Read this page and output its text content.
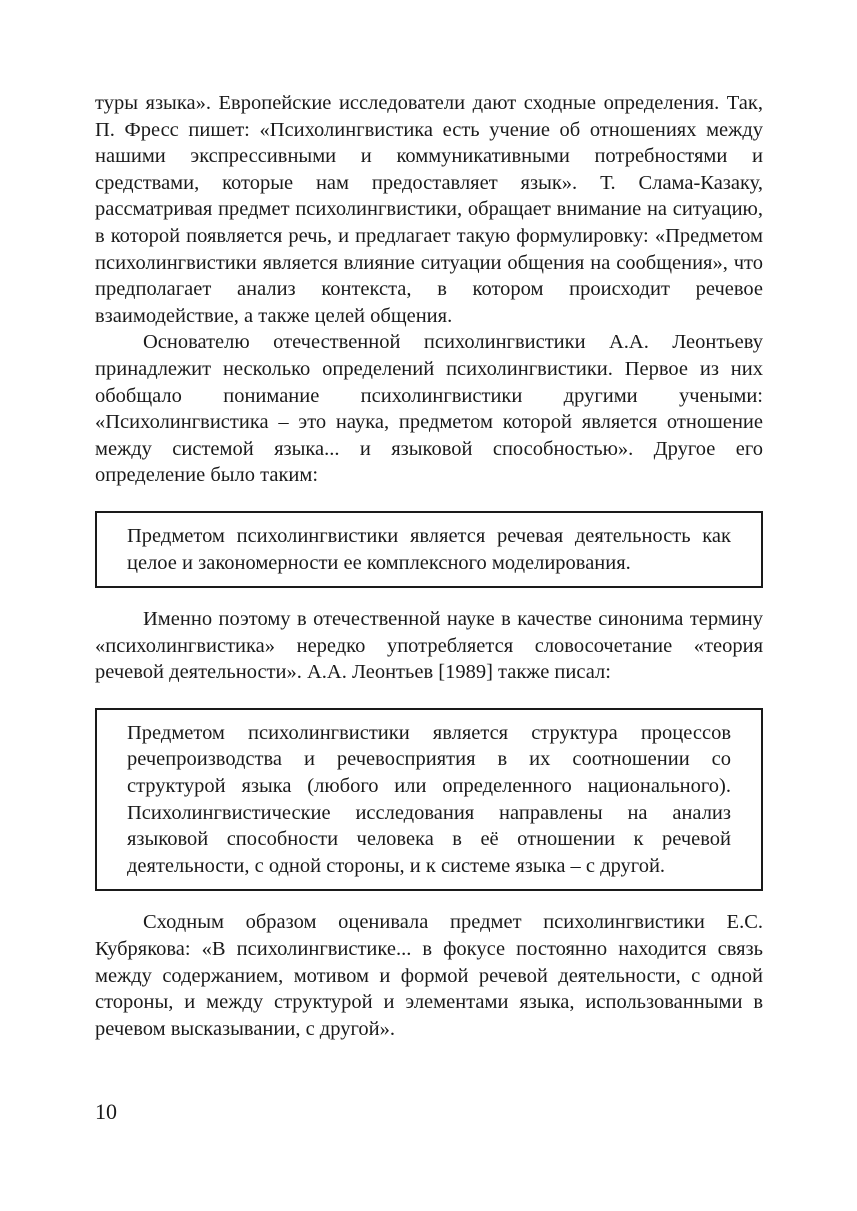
туры языка». Европейские исследователи дают сходные определения. Так, П. Фресс пишет: «Психолингвистика есть учение об отношениях между нашими экспрессивными и коммуникативными потребностями и средствами, которые нам предоставляет язык». Т. Слама-Казаку, рассматривая предмет психолингвистики, обращает внимание на ситуацию, в которой появляется речь, и предлагает такую формулировку: «Предметом психолингвистики является влияние ситуации общения на сообщения», что предполагает анализ контекста, в котором происходит речевое взаимодействие, а также целей общения.

Основателю отечественной психолингвистики А.А. Леонтьеву принадлежит несколько определений психолингвистики. Первое из них обобщало понимание психолингвистики другими учеными: «Психолингвистика – это наука, предметом которой является отношение между системой языка... и языковой способностью». Другое его определение было таким:

Предметом психолингвистики является речевая деятельность как целое и закономерности ее комплексного моделирования.

Именно поэтому в отечественной науке в качестве синонима термину «психолингвистика» нередко употребляется словосочетание «теория речевой деятельности». А.А. Леонтьев [1989] также писал:

Предметом психолингвистики является структура процессов речепроизводства и речевосприятия в их соотношении со структурой языка (любого или определенного национального). Психолингвистические исследования направлены на анализ языковой способности человека в её отношении к речевой деятельности, с одной стороны, и к системе языка – с другой.

Сходным образом оценивала предмет психолингвистики Е.С. Кубрякова: «В психолингвистике... в фокусе постоянно находится связь между содержанием, мотивом и формой речевой деятельности, с одной стороны, и между структурой и элементами языка, использованными в речевом высказывании, с другой».

10
